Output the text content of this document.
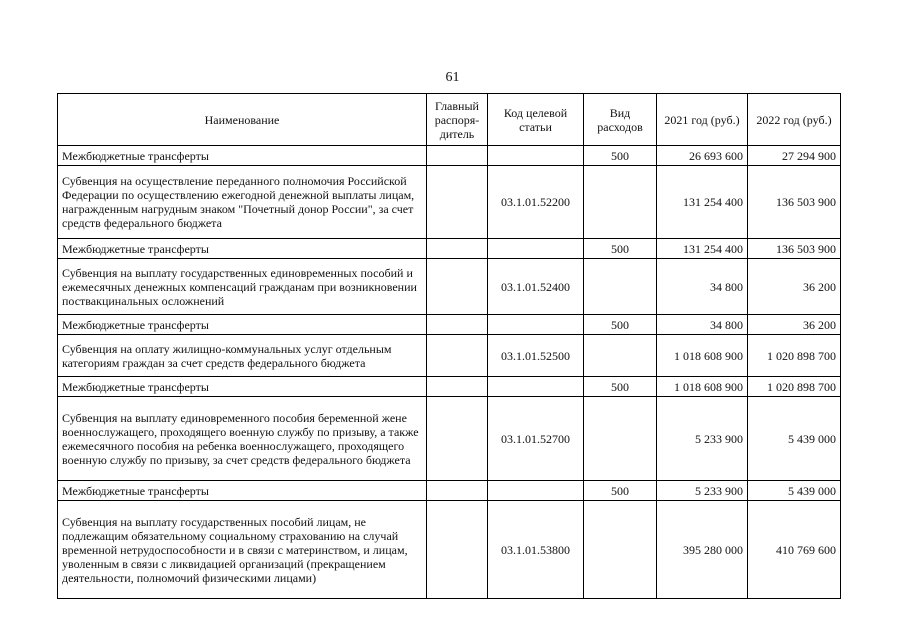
61
Наименование	Главный распоря-дитель	Код целевой статьи	Вид расходов	2021 год (руб.)	2022 год (руб.)
Межбюджетные трансферты			500	26 693 600	27 294 900
Субвенция на осуществление переданного полномочия Российской Федерации по осуществлению ежегодной денежной выплаты лицам, награжденным нагрудным знаком "Почетный донор России", за счет средств федерального бюджета		03.1.01.52200		131 254 400	136 503 900
Межбюджетные трансферты			500	131 254 400	136 503 900
Субвенция на выплату государственных единовременных пособий и ежемесячных денежных компенсаций гражданам при возникновении поствакцинальных осложнений		03.1.01.52400		34 800	36 200
Межбюджетные трансферты			500	34 800	36 200
Субвенция на оплату жилищно-коммунальных услуг отдельным категориям граждан за счет средств федерального бюджета		03.1.01.52500		1 018 608 900	1 020 898 700
Межбюджетные трансферты			500	1 018 608 900	1 020 898 700
Субвенция на выплату единовременного пособия беременной жене военнослужащего, проходящего военную службу по призыву, а также ежемесячного пособия на ребенка военнослужащего, проходящего военную службу по призыву, за счет средств федерального бюджета		03.1.01.52700		5 233 900	5 439 000
Межбюджетные трансферты			500	5 233 900	5 439 000
Субвенция на выплату государственных пособий лицам, не подлежащим обязательному социальному страхованию на случай временной нетрудоспособности и в связи с материнством, и лицам, уволенным в связи с ликвидацией организаций (прекращением деятельности, полномочий физическими лицами)		03.1.01.53800		395 280 000	410 769 600
